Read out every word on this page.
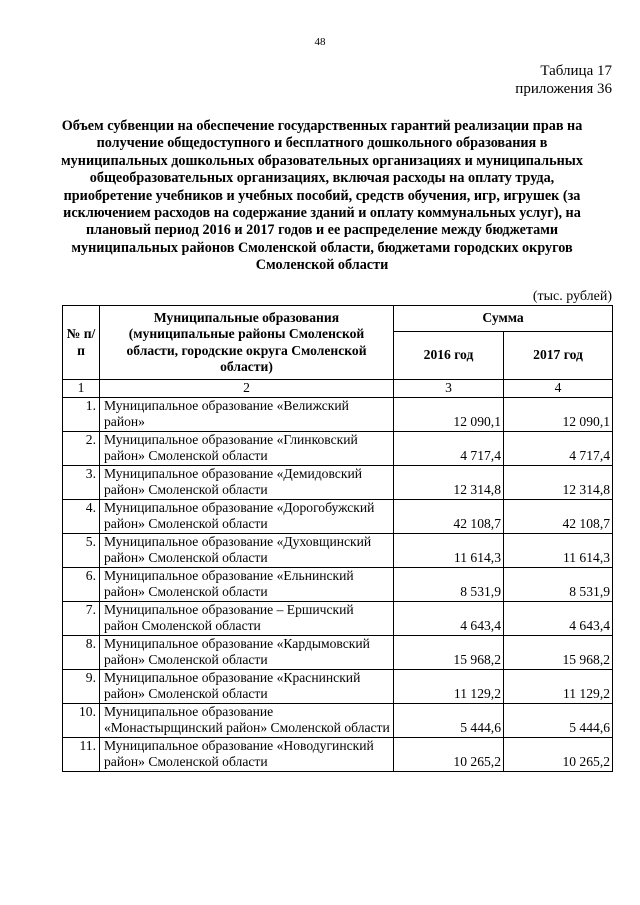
48
Таблица 17
приложения 36
Объем субвенции на обеспечение государственных гарантий реализации прав на получение общедоступного и бесплатного дошкольного образования в муниципальных дошкольных образовательных организациях и муниципальных общеобразовательных организациях, включая расходы на оплату труда, приобретение учебников и учебных пособий, средств обучения, игр, игрушек (за исключением расходов на содержание зданий и оплату коммунальных услуг), на плановый период 2016 и 2017 годов и ее распределение между бюджетами муниципальных районов Смоленской области, бюджетами городских округов Смоленской области
(тыс. рублей)
№ п/п	Муниципальные образования (муниципальные районы Смоленской области, городские округа Смоленской области)	Сумма	
		2016 год	2017 год
1	2	3	4
1.	Муниципальное образование «Велижский район»	12 090,1	12 090,1
2.	Муниципальное образование «Глинковский район» Смоленской области	4 717,4	4 717,4
3.	Муниципальное образование «Демидовский район» Смоленской области	12 314,8	12 314,8
4.	Муниципальное образование «Дорогобужский район» Смоленской области	42 108,7	42 108,7
5.	Муниципальное образование «Духовщинский район» Смоленской области	11 614,3	11 614,3
6.	Муниципальное образование «Ельнинский район» Смоленской области	8 531,9	8 531,9
7.	Муниципальное образование – Ершичский район Смоленской области	4 643,4	4 643,4
8.	Муниципальное образование «Кардымовский район» Смоленской области	15 968,2	15 968,2
9.	Муниципальное образование «Краснинский район» Смоленской области	11 129,2	11 129,2
10.	Муниципальное образование «Монастырщинский район» Смоленской области	5 444,6	5 444,6
11.	Муниципальное образование «Новодугинский район» Смоленской области	10 265,2	10 265,2
